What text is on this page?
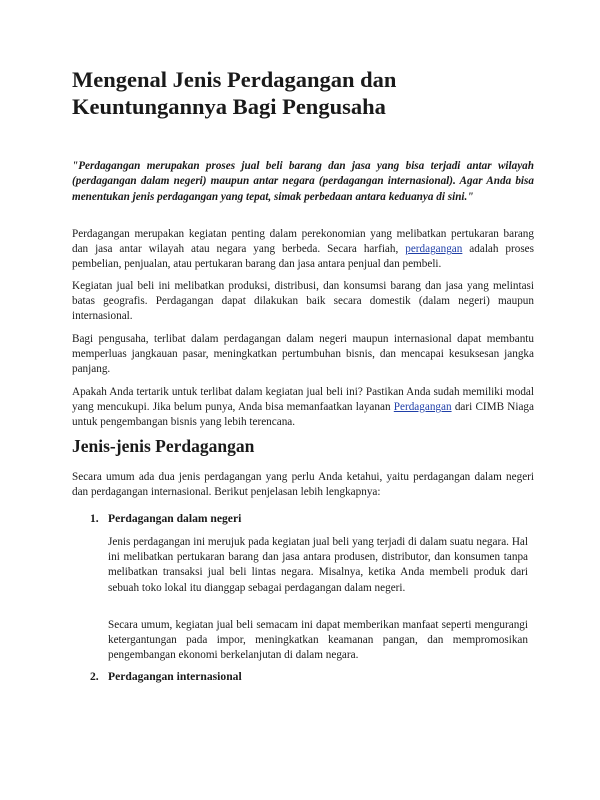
Mengenal Jenis Perdagangan dan Keuntungannya Bagi Pengusaha

"Perdagangan merupakan proses jual beli barang dan jasa yang bisa terjadi antar wilayah (perdagangan dalam negeri) maupun antar negara (perdagangan internasional). Agar Anda bisa menentukan jenis perdagangan yang tepat, simak perbedaan antara keduanya di sini."

Perdagangan merupakan kegiatan penting dalam perekonomian yang melibatkan pertukaran barang dan jasa antar wilayah atau negara yang berbeda. Secara harfiah, perdagangan adalah proses pembelian, penjualan, atau pertukaran barang dan jasa antara penjual dan pembeli.

Kegiatan jual beli ini melibatkan produksi, distribusi, dan konsumsi barang dan jasa yang melintasi batas geografis. Perdagangan dapat dilakukan baik secara domestik (dalam negeri) maupun internasional.

Bagi pengusaha, terlibat dalam perdagangan dalam negeri maupun internasional dapat membantu memperluas jangkauan pasar, meningkatkan pertumbuhan bisnis, dan mencapai kesuksesan jangka panjang.

Apakah Anda tertarik untuk terlibat dalam kegiatan jual beli ini? Pastikan Anda sudah memiliki modal yang mencukupi. Jika belum punya, Anda bisa memanfaatkan layanan Perdagangan dari CIMB Niaga untuk pengembangan bisnis yang lebih terencana.

Jenis-jenis Perdagangan

Secara umum ada dua jenis perdagangan yang perlu Anda ketahui, yaitu perdagangan dalam negeri dan perdagangan internasional. Berikut penjelasan lebih lengkapnya:

1. Perdagangan dalam negeri

Jenis perdagangan ini merujuk pada kegiatan jual beli yang terjadi di dalam suatu negara. Hal ini melibatkan pertukaran barang dan jasa antara produsen, distributor, dan konsumen tanpa melibatkan transaksi jual beli lintas negara. Misalnya, ketika Anda membeli produk dari sebuah toko lokal itu dianggap sebagai perdagangan dalam negeri.

Secara umum, kegiatan jual beli semacam ini dapat memberikan manfaat seperti mengurangi ketergantungan pada impor, meningkatkan keamanan pangan, dan mempromosikan pengembangan ekonomi berkelanjutan di dalam negara.

2. Perdagangan internasional
